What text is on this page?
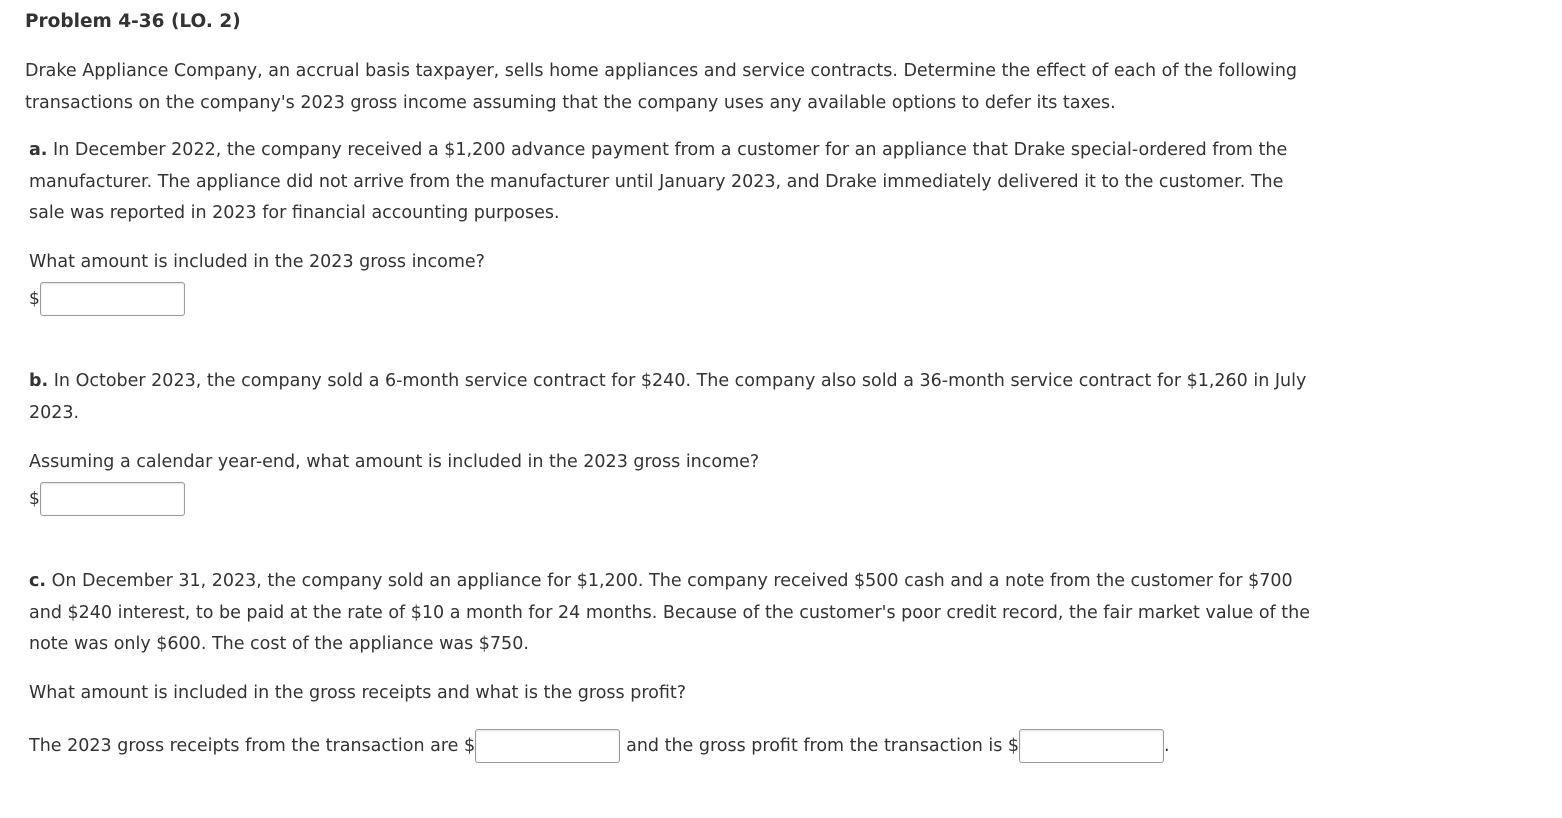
Problem 4-36 (LO. 2)
Drake Appliance Company, an accrual basis taxpayer, sells home appliances and service contracts. Determine the effect of each of the following transactions on the company's 2023 gross income assuming that the company uses any available options to defer its taxes.
a. In December 2022, the company received a $1,200 advance payment from a customer for an appliance that Drake special-ordered from the manufacturer. The appliance did not arrive from the manufacturer until January 2023, and Drake immediately delivered it to the customer. The sale was reported in 2023 for financial accounting purposes.
What amount is included in the 2023 gross income?
$
b. In October 2023, the company sold a 6-month service contract for $240. The company also sold a 36-month service contract for $1,260 in July 2023.
Assuming a calendar year-end, what amount is included in the 2023 gross income?
$
c. On December 31, 2023, the company sold an appliance for $1,200. The company received $500 cash and a note from the customer for $700 and $240 interest, to be paid at the rate of $10 a month for 24 months. Because of the customer's poor credit record, the fair market value of the note was only $600. The cost of the appliance was $750.
What amount is included in the gross receipts and what is the gross profit?
The 2023 gross receipts from the transaction are $	and the gross profit from the transaction is $	.
